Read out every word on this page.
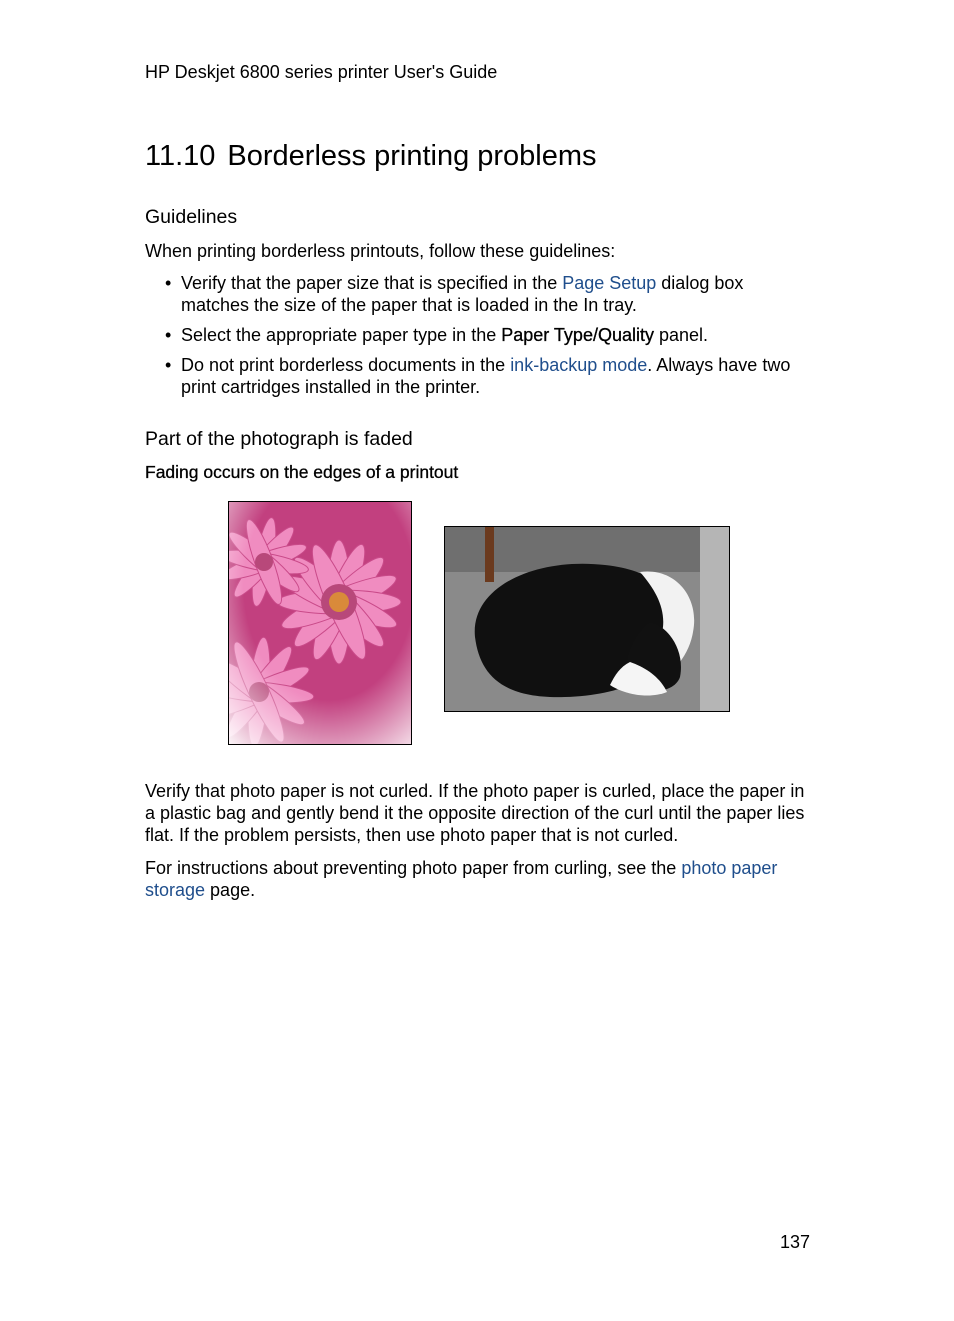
HP Deskjet 6800 series printer User's Guide
11.10 Borderless printing problems
Guidelines

When printing borderless printouts, follow these guidelines:

• Verify that the paper size that is specified in the Page Setup dialog box matches the size of the paper that is loaded in the In tray.
• Select the appropriate paper type in the Paper Type/Quality panel.
• Do not print borderless documents in the ink-backup mode. Always have two print cartridges installed in the printer.
Part of the photograph is faded
Fading occurs on the edges of a printout

Verify that photo paper is not curled. If the photo paper is curled, place the paper in a plastic bag and gently bend it the opposite direction of the curl until the paper lies flat. If the problem persists, then use photo paper that is not curled.

For instructions about preventing photo paper from curling, see the photo paper storage page.

137
